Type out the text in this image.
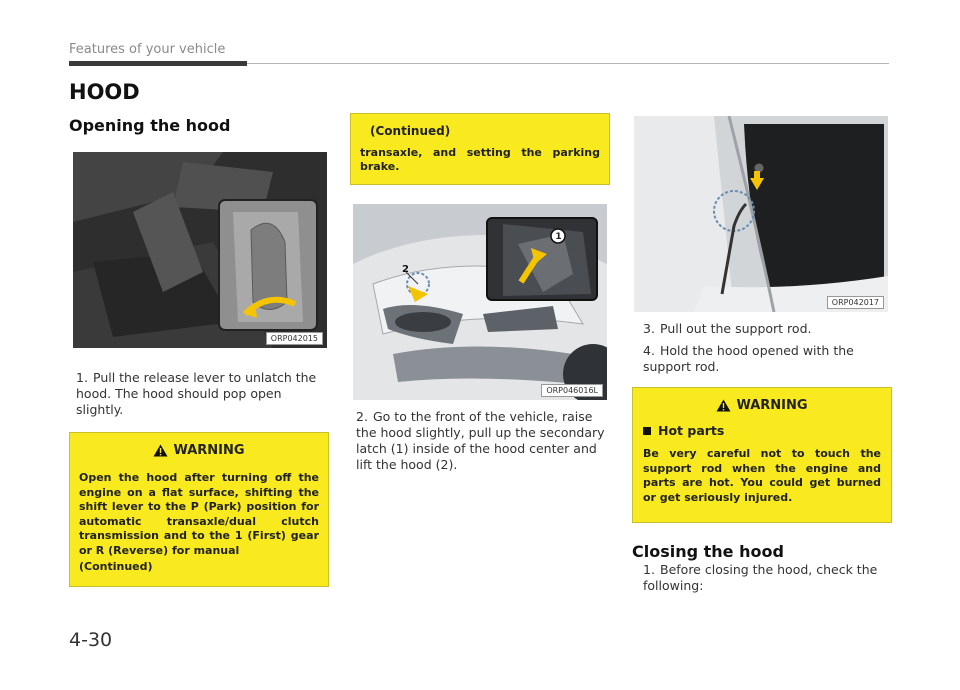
Features of your vehicle
HOOD
Opening the hood
ORP042015
1. Pull the release lever to unlatch the hood. The hood should pop open slightly.
WARNING
Open the hood after turning off the engine on a flat surface, shifting the shift lever to the P (Park) position for automatic transaxle/dual clutch transmission and to the 1 (First) gear or R (Reverse) for manual
(Continued)
(Continued)
transaxle, and setting the parking brake.
1
2
ORP046016L
2. Go to the front of the vehicle, raise the hood slightly, pull up the secondary latch (1) inside of the hood center and lift the hood (2).
ORP042017
3. Pull out the support rod.
4. Hold the hood opened with the support rod.
WARNING
Hot parts
Be very careful not to touch the support rod when the engine and parts are hot. You could get burned or get seriously injured.
Closing the hood
1. Before closing the hood, check the following:
4-30
